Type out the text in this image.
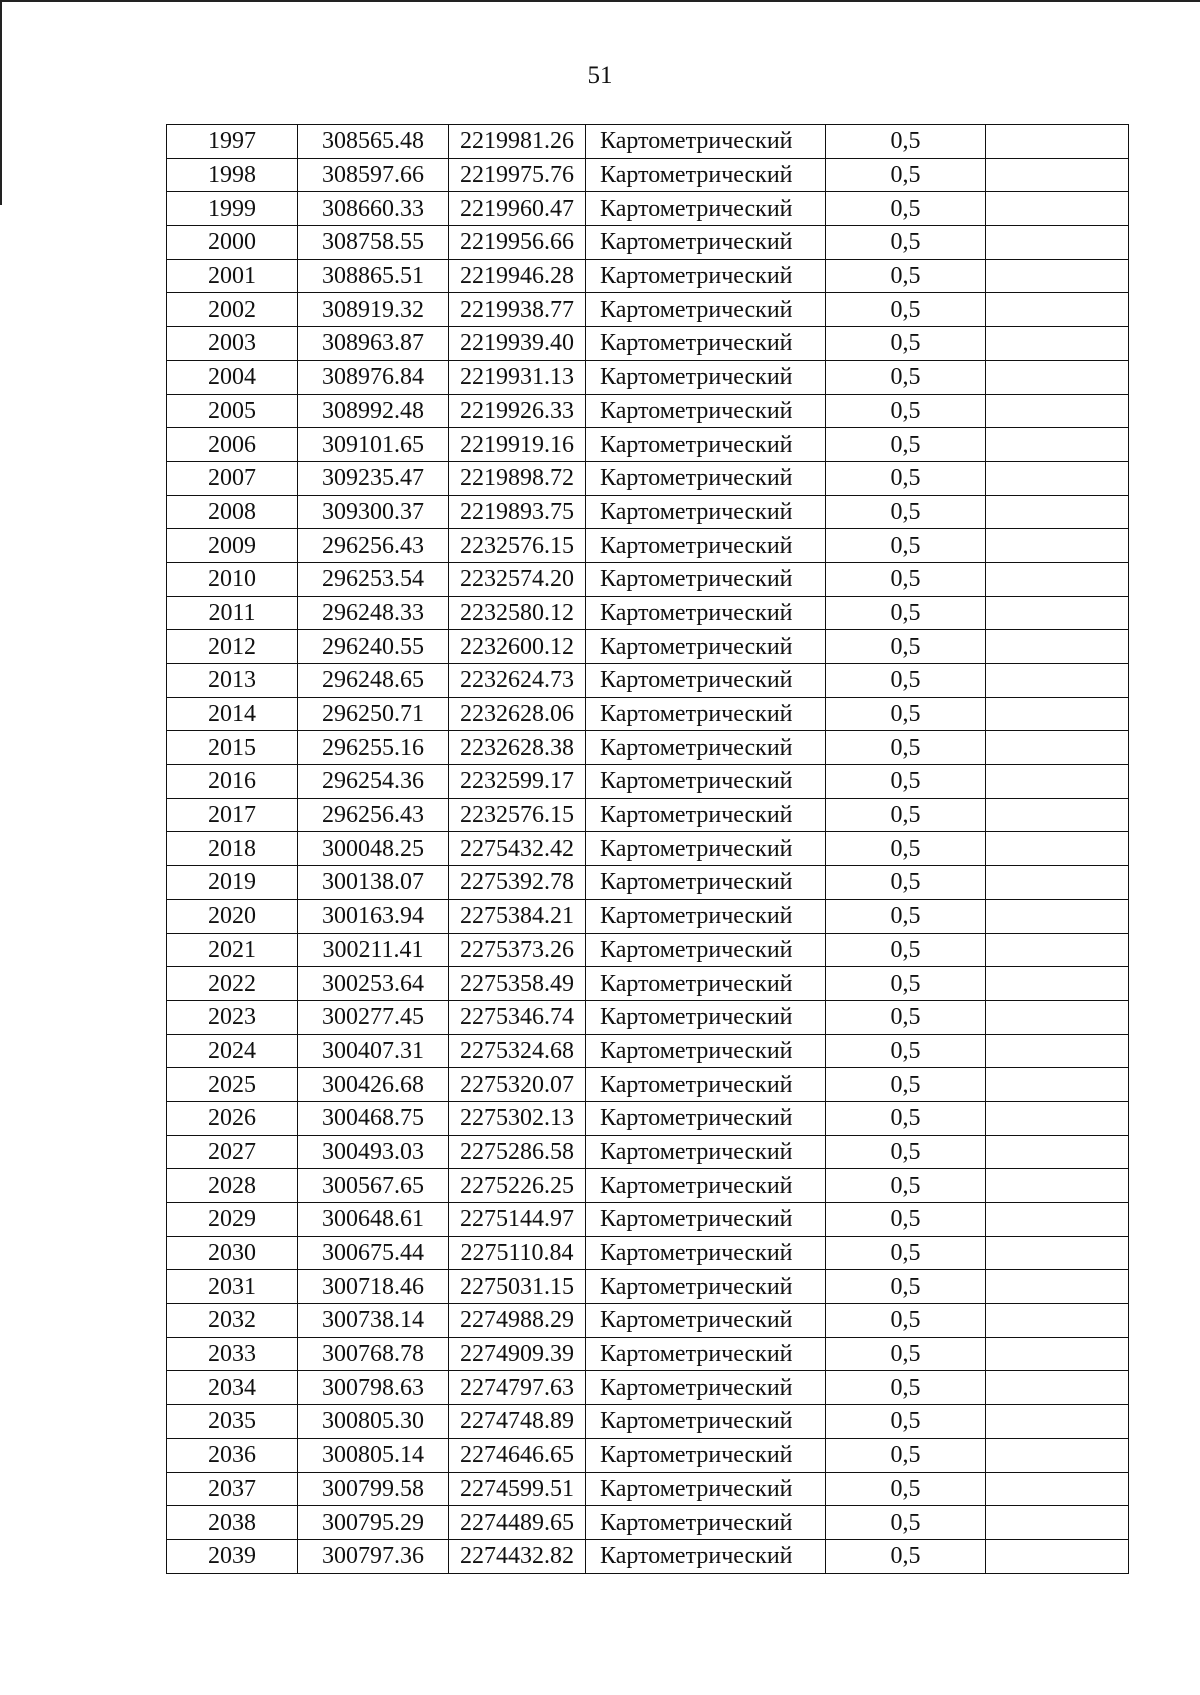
51
1997	308565.48	2219981.26	Картометрический	0,5	
1998	308597.66	2219975.76	Картометрический	0,5	
1999	308660.33	2219960.47	Картометрический	0,5	
2000	308758.55	2219956.66	Картометрический	0,5	
2001	308865.51	2219946.28	Картометрический	0,5	
2002	308919.32	2219938.77	Картометрический	0,5	
2003	308963.87	2219939.40	Картометрический	0,5	
2004	308976.84	2219931.13	Картометрический	0,5	
2005	308992.48	2219926.33	Картометрический	0,5	
2006	309101.65	2219919.16	Картометрический	0,5	
2007	309235.47	2219898.72	Картометрический	0,5	
2008	309300.37	2219893.75	Картометрический	0,5	
2009	296256.43	2232576.15	Картометрический	0,5	
2010	296253.54	2232574.20	Картометрический	0,5	
2011	296248.33	2232580.12	Картометрический	0,5	
2012	296240.55	2232600.12	Картометрический	0,5	
2013	296248.65	2232624.73	Картометрический	0,5	
2014	296250.71	2232628.06	Картометрический	0,5	
2015	296255.16	2232628.38	Картометрический	0,5	
2016	296254.36	2232599.17	Картометрический	0,5	
2017	296256.43	2232576.15	Картометрический	0,5	
2018	300048.25	2275432.42	Картометрический	0,5	
2019	300138.07	2275392.78	Картометрический	0,5	
2020	300163.94	2275384.21	Картометрический	0,5	
2021	300211.41	2275373.26	Картометрический	0,5	
2022	300253.64	2275358.49	Картометрический	0,5	
2023	300277.45	2275346.74	Картометрический	0,5	
2024	300407.31	2275324.68	Картометрический	0,5	
2025	300426.68	2275320.07	Картометрический	0,5	
2026	300468.75	2275302.13	Картометрический	0,5	
2027	300493.03	2275286.58	Картометрический	0,5	
2028	300567.65	2275226.25	Картометрический	0,5	
2029	300648.61	2275144.97	Картометрический	0,5	
2030	300675.44	2275110.84	Картометрический	0,5	
2031	300718.46	2275031.15	Картометрический	0,5	
2032	300738.14	2274988.29	Картометрический	0,5	
2033	300768.78	2274909.39	Картометрический	0,5	
2034	300798.63	2274797.63	Картометрический	0,5	
2035	300805.30	2274748.89	Картометрический	0,5	
2036	300805.14	2274646.65	Картометрический	0,5	
2037	300799.58	2274599.51	Картометрический	0,5	
2038	300795.29	2274489.65	Картометрический	0,5	
2039	300797.36	2274432.82	Картометрический	0,5	
